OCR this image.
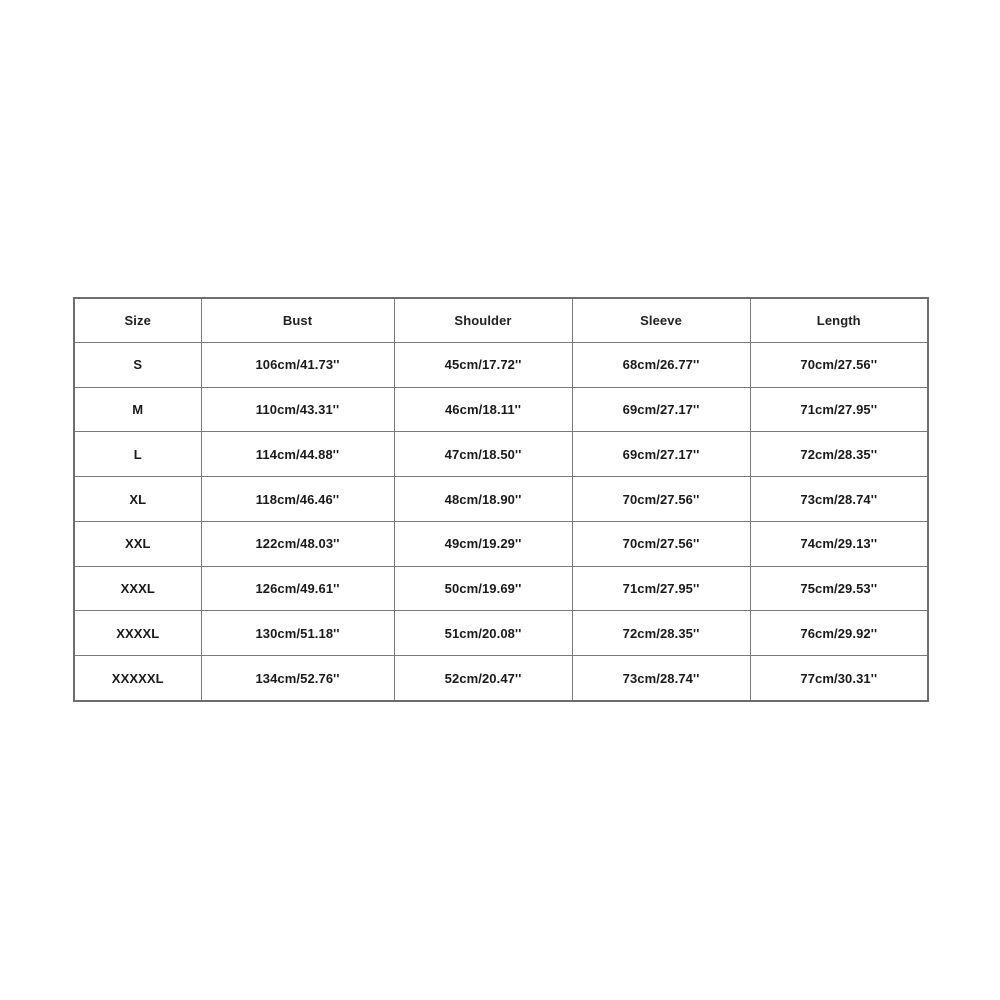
Size	Bust	Shoulder	Sleeve	Length
S	106cm/41.73''	45cm/17.72''	68cm/26.77''	70cm/27.56''
M	110cm/43.31''	46cm/18.11''	69cm/27.17''	71cm/27.95''
L	114cm/44.88''	47cm/18.50''	69cm/27.17''	72cm/28.35''
XL	118cm/46.46''	48cm/18.90''	70cm/27.56''	73cm/28.74''
XXL	122cm/48.03''	49cm/19.29''	70cm/27.56''	74cm/29.13''
XXXL	126cm/49.61''	50cm/19.69''	71cm/27.95''	75cm/29.53''
XXXXL	130cm/51.18''	51cm/20.08''	72cm/28.35''	76cm/29.92''
XXXXXL	134cm/52.76''	52cm/20.47''	73cm/28.74''	77cm/30.31''
